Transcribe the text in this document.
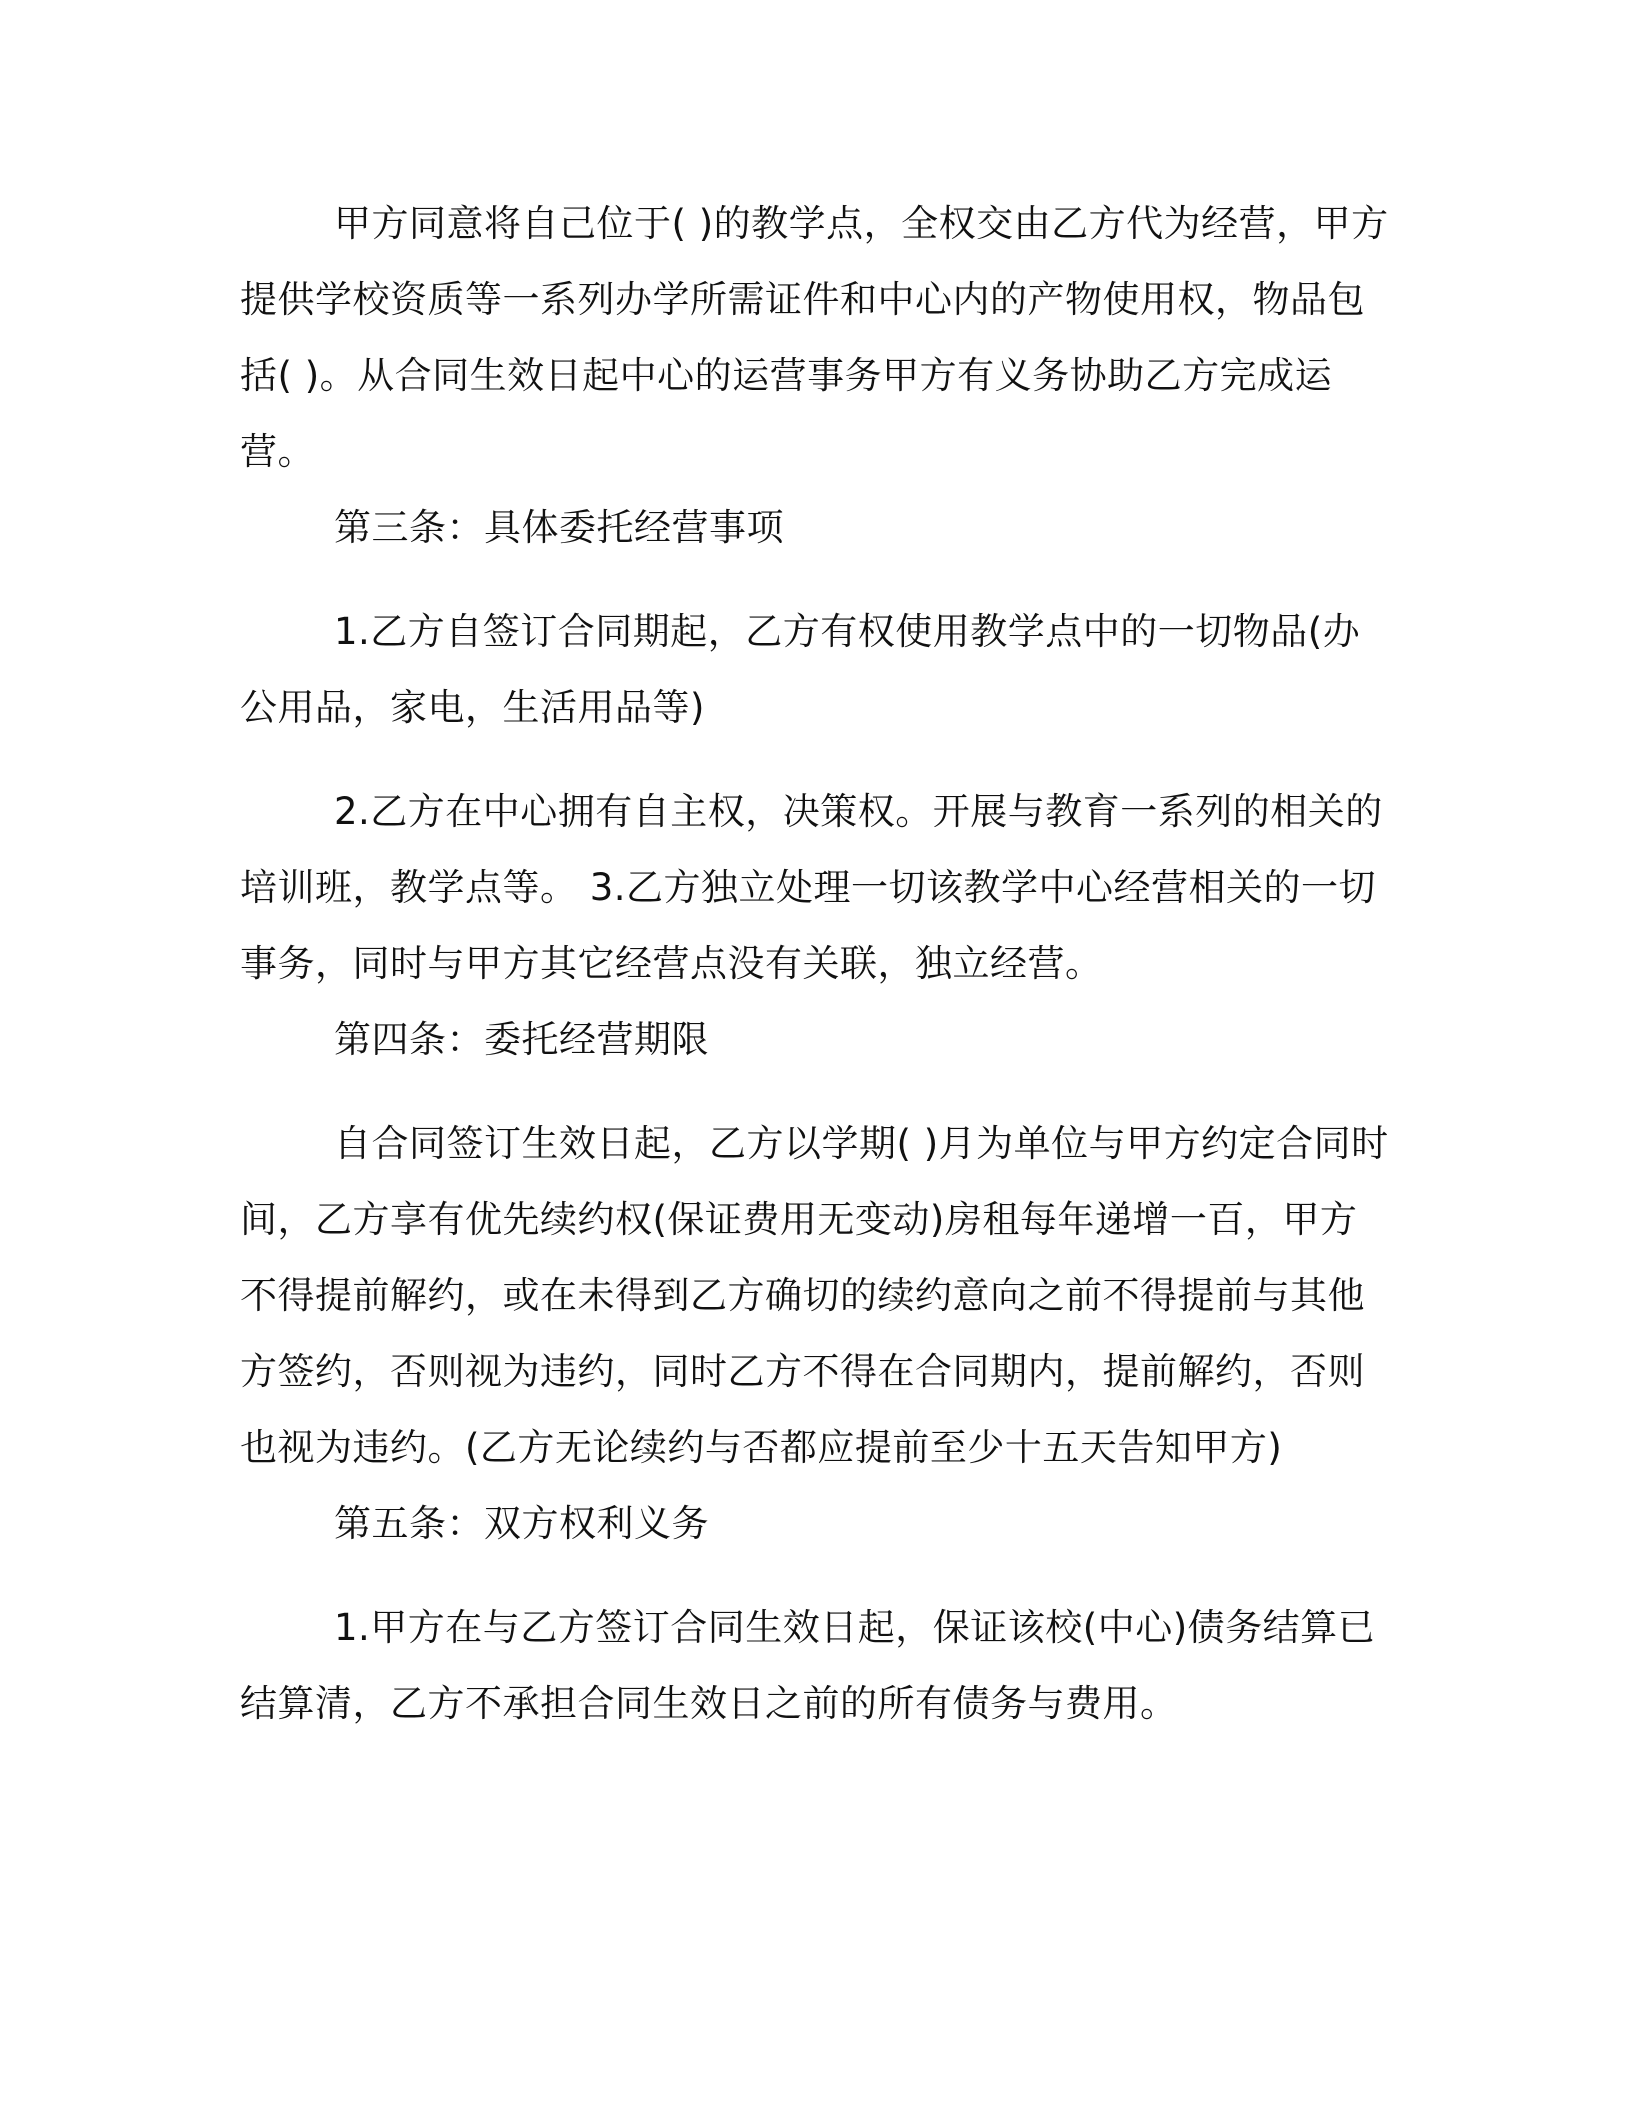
甲方同意将自己位于( )的教学点，全权交由乙方代为经营，甲方提供学校资质等一系列办学所需证件和中心内的产物使用权，物品包括( )。从合同生效日起中心的运营事务甲方有义务协助乙方完成运营。

第三条：具体委托经营事项

1.乙方自签订合同期起，乙方有权使用教学点中的一切物品(办公用品，家电，生活用品等)

2.乙方在中心拥有自主权，决策权。开展与教育一系列的相关的培训班，教学点等。 3.乙方独立处理一切该教学中心经营相关的一切事务，同时与甲方其它经营点没有关联，独立经营。

第四条：委托经营期限

自合同签订生效日起，乙方以学期( )月为单位与甲方约定合同时间，乙方享有优先续约权(保证费用无变动)房租每年递增一百，甲方不得提前解约，或在未得到乙方确切的续约意向之前不得提前与其他方签约，否则视为违约，同时乙方不得在合同期内，提前解约，否则也视为违约。(乙方无论续约与否都应提前至少十五天告知甲方)

第五条：双方权利义务

1.甲方在与乙方签订合同生效日起，保证该校(中心)债务结算已结算清，乙方不承担合同生效日之前的所有债务与费用。
